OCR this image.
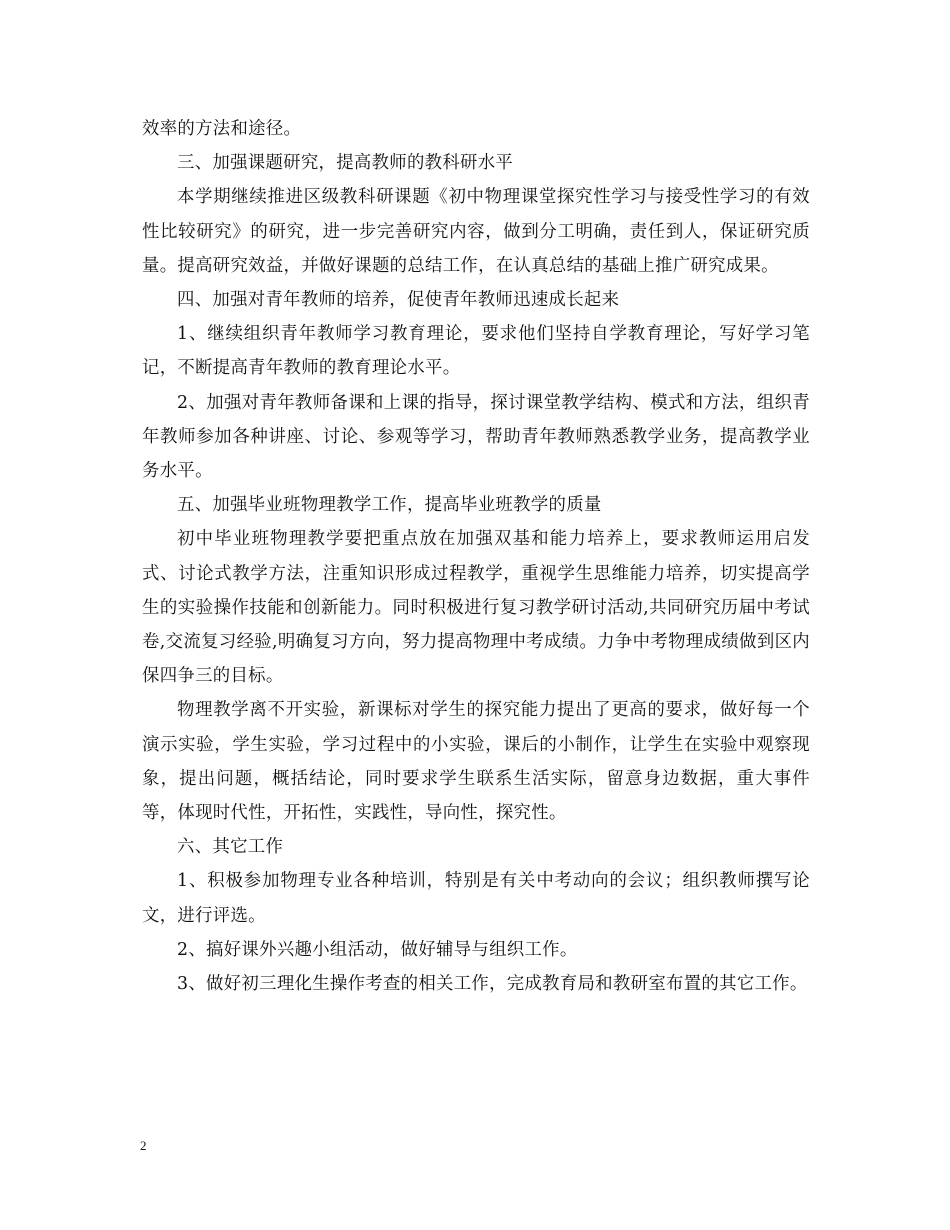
效率的方法和途径。

三、加强课题研究，提高教师的教科研水平

本学期继续推进区级教科研课题《初中物理课堂探究性学习与接受性学习的有效性比较研究》的研究，进一步完善研究内容，做到分工明确，责任到人，保证研究质量。提高研究效益，并做好课题的总结工作，在认真总结的基础上推广研究成果。

四、加强对青年教师的培养，促使青年教师迅速成长起来

1、继续组织青年教师学习教育理论，要求他们坚持自学教育理论，写好学习笔记，不断提高青年教师的教育理论水平。

2、加强对青年教师备课和上课的指导，探讨课堂教学结构、模式和方法，组织青年教师参加各种讲座、讨论、参观等学习，帮助青年教师熟悉教学业务，提高教学业务水平。

五、加强毕业班物理教学工作，提高毕业班教学的质量

初中毕业班物理教学要把重点放在加强双基和能力培养上，要求教师运用启发式、讨论式教学方法，注重知识形成过程教学，重视学生思维能力培养，切实提高学生的实验操作技能和创新能力。同时积极进行复习教学研讨活动,共同研究历届中考试卷,交流复习经验,明确复习方向，努力提高物理中考成绩。力争中考物理成绩做到区内保四争三的目标。

物理教学离不开实验，新课标对学生的探究能力提出了更高的要求，做好每一个演示实验，学生实验，学习过程中的小实验，课后的小制作，让学生在实验中观察现象，提出问题，概括结论，同时要求学生联系生活实际，留意身边数据，重大事件等，体现时代性，开拓性，实践性，导向性，探究性。

六、其它工作

1、积极参加物理专业各种培训，特别是有关中考动向的会议；组织教师撰写论文，进行评选。

2、搞好课外兴趣小组活动，做好辅导与组织工作。

3、做好初三理化生操作考查的相关工作，完成教育局和教研室布置的其它工作。

2
